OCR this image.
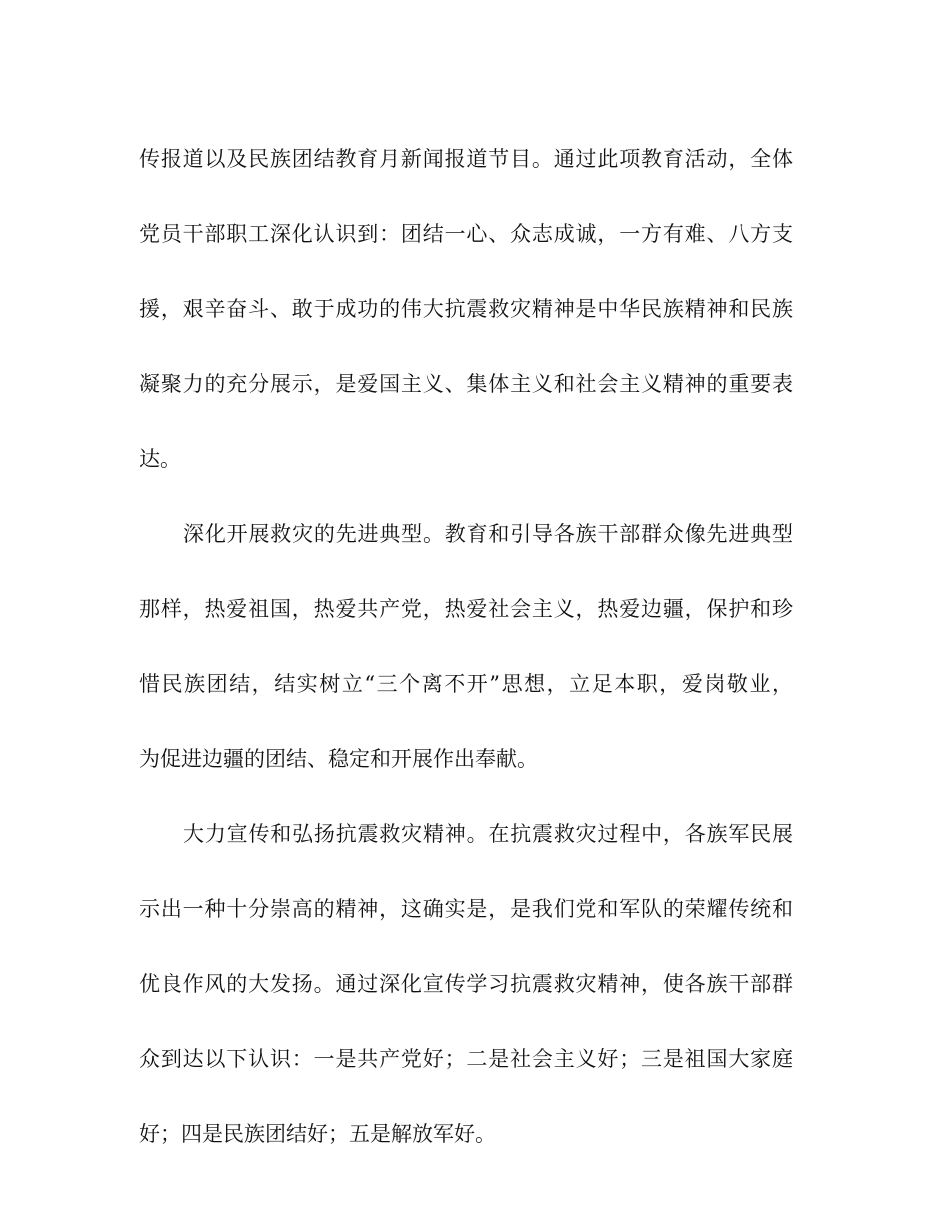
传报道以及民族团结教育月新闻报道节目。通过此项教育活动，全体
党员干部职工深化认识到：团结一心、众志成诚，一方有难、八方支
援，艰辛奋斗、敢于成功的伟大抗震救灾精神是中华民族精神和民族
凝聚力的充分展示，是爱国主义、集体主义和社会主义精神的重要表
达。
深化开展救灾的先进典型。教育和引导各族干部群众像先进典型
那样，热爱祖国，热爱共产党，热爱社会主义，热爱边疆，保护和珍
惜民族团结，结实树立“三个离不开”思想，立足本职，爱岗敬业，
为促进边疆的团结、稳定和开展作出奉献。
大力宣传和弘扬抗震救灾精神。在抗震救灾过程中，各族军民展
示出一种十分崇高的精神，这确实是，是我们党和军队的荣耀传统和
优良作风的大发扬。通过深化宣传学习抗震救灾精神，使各族干部群
众到达以下认识：一是共产党好；二是社会主义好；三是祖国大家庭
好；四是民族团结好；五是解放军好。
